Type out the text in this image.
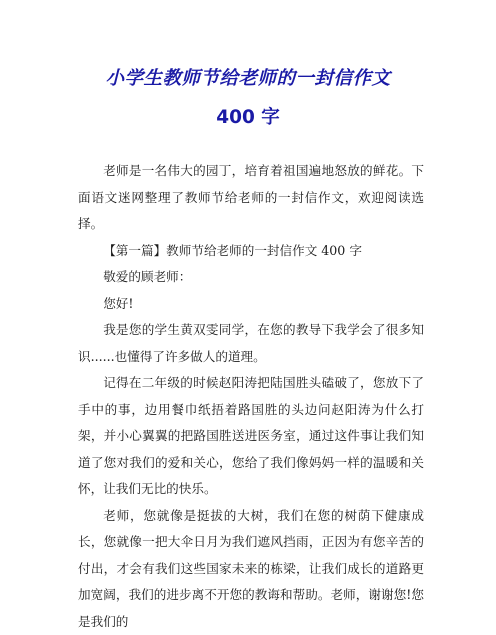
小学生教师节给老师的一封信作文
400 字

老师是一名伟大的园丁，培育着祖国遍地怒放的鲜花。下面语文迷网整理了教师节给老师的一封信作文，欢迎阅读选择。

【第一篇】教师节给老师的一封信作文 400 字

敬爱的顾老师：

您好!

我是您的学生黄双雯同学，在您的教导下我学会了很多知识......也懂得了许多做人的道理。

记得在二年级的时候赵阳涛把陆国胜头磕破了，您放下了手中的事，边用餐巾纸捂着路国胜的头边问赵阳涛为什么打架，并小心翼翼的把路国胜送进医务室，通过这件事让我们知道了您对我们的爱和关心，您给了我们像妈妈一样的温暖和关怀，让我们无比的快乐。

老师，您就像是挺拔的大树，我们在您的树荫下健康成长，您就像一把大伞日月为我们遮风挡雨，正因为有您辛苦的付出，才会有我们这些国家未来的栋梁，让我们成长的道路更加宽阔，我们的进步离不开您的教诲和帮助。老师，谢谢您!您是我们的
